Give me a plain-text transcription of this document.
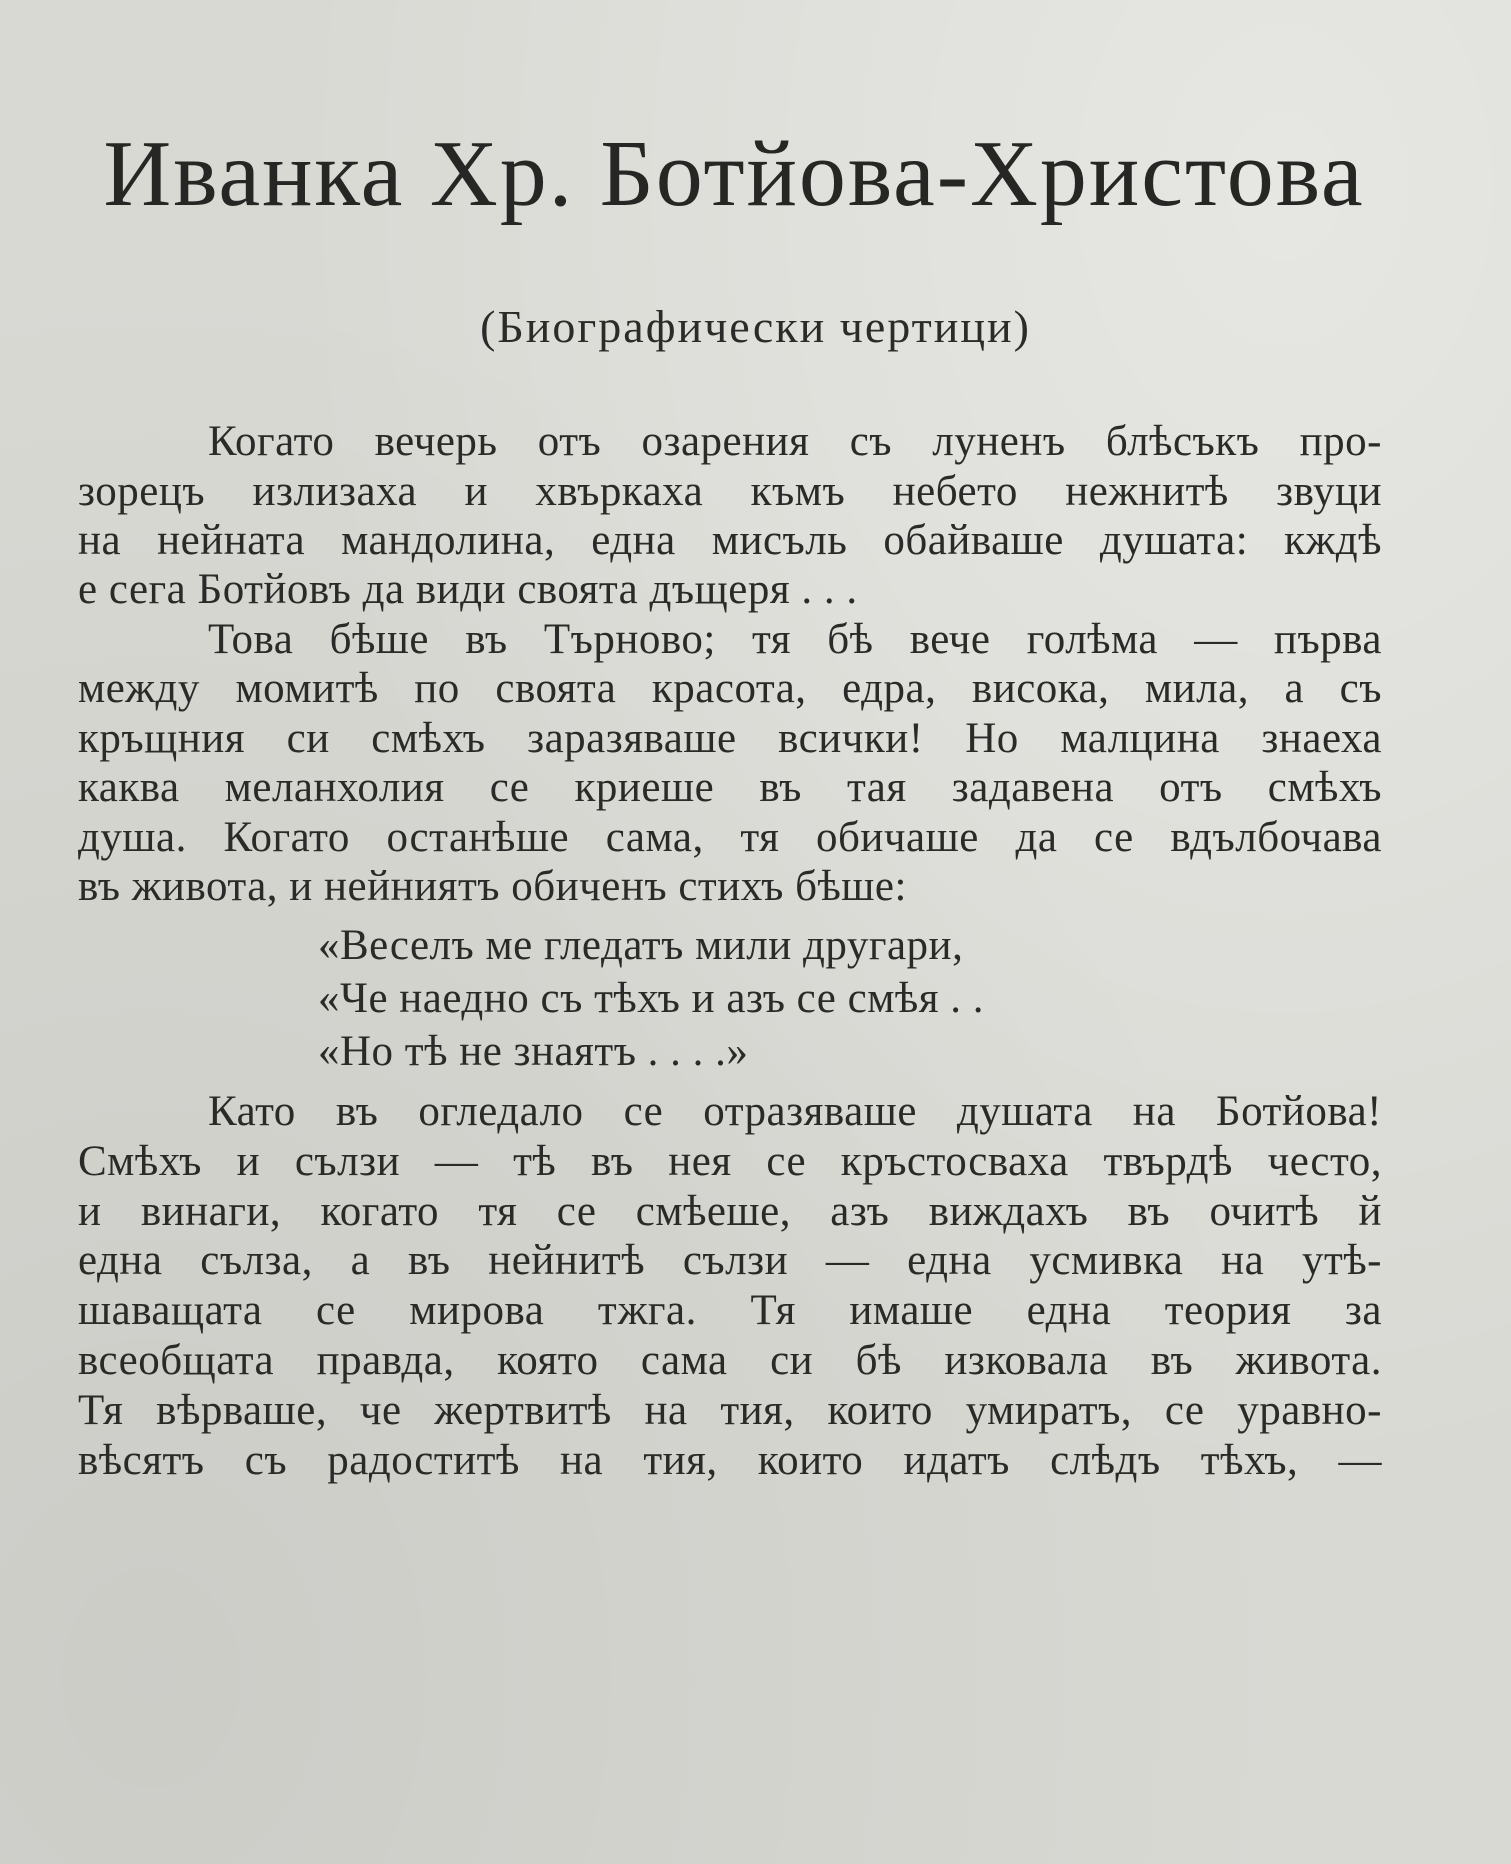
Иванка Хр. Ботйова-Христова
(Биографически чертици)
Когато вечерь отъ озарения съ луненъ блѣсъкъ про-
зорецъ излизаха и хвъркаха къмъ небето нежнитѣ звуци
на нейната мандолина, една мисъль обайваше душата: кждѣ
е сега Ботйовъ да види своята дъщеря . . .
Това бѣше въ Търново; тя бѣ вече голѣма — първа
между момитѣ по своята красота, едра, висока, мила, а съ
кръщния си смѣхъ заразяваше всички! Но малцина знаеха
каква меланхолия се криеше въ тая задавена отъ смѣхъ
душа. Когато останѣше сама, тя обичаше да се вдълбочава
въ живота, и нейниятъ обиченъ стихъ бѣше:
«Веселъ ме гледатъ мили другари,
«Че наедно съ тѣхъ и азъ се смѣя . .
«Но тѣ не знаятъ . . . .»
Като въ огледало се отразяваше душата на Ботйова!
Смѣхъ и сълзи — тѣ въ нея се кръстосваха твърдѣ често,
и винаги, когато тя се смѣеше, азъ виждахъ въ очитѣ й
една сълза, а въ нейнитѣ сълзи — една усмивка на утѣ-
шаващата се мирова тжга. Тя имаше една теория за
всеобщата правда, която сама си бѣ изковала въ живота.
Тя вѣрваше, че жертвитѣ на тия, които умиратъ, се уравно-
вѣсятъ съ радоститѣ на тия, които идатъ слѣдъ тѣхъ, —
